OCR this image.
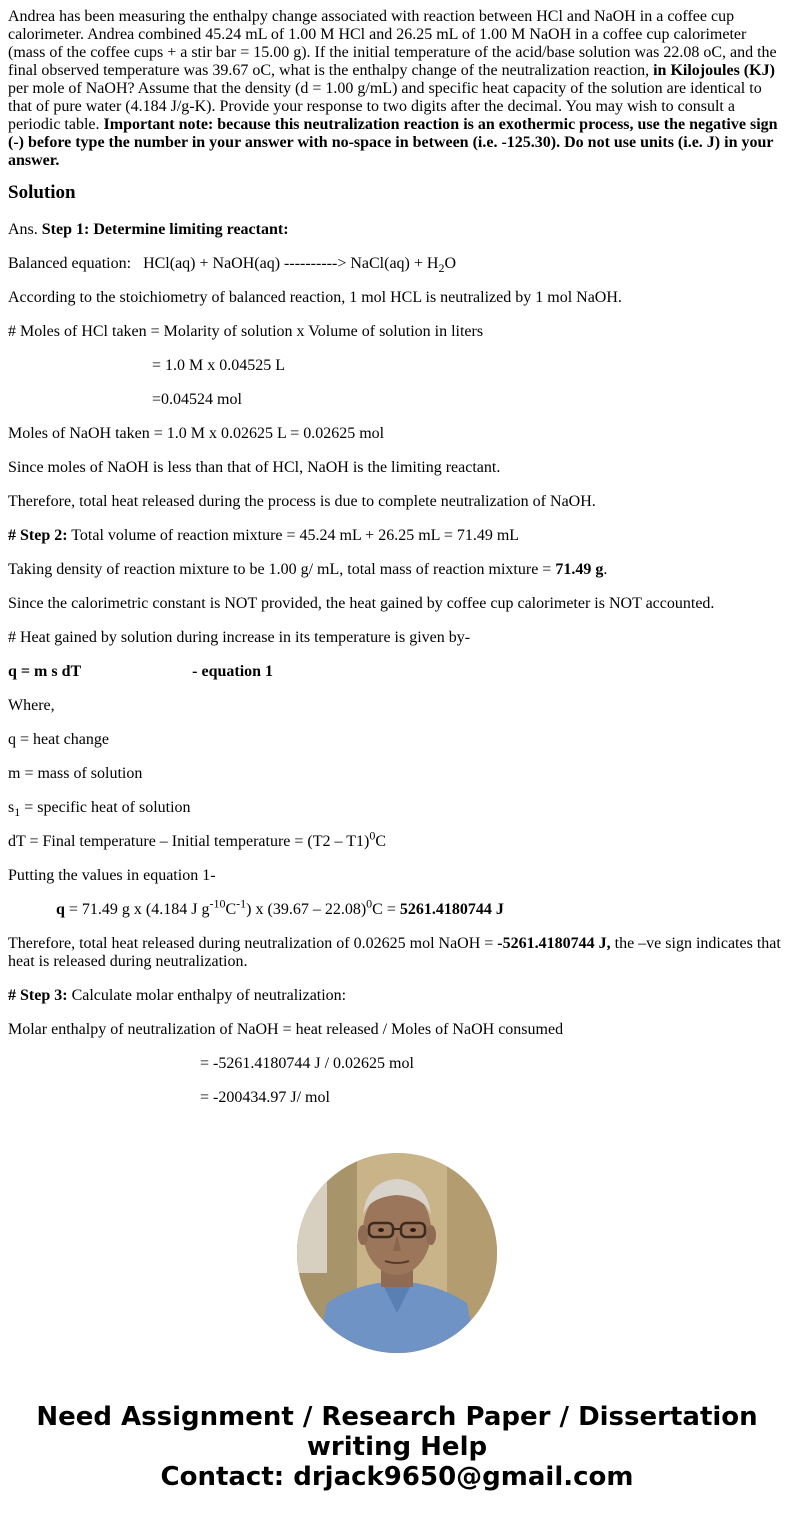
Andrea has been measuring the enthalpy change associated with reaction between HCl and NaOH in a coffee cup calorimeter. Andrea combined 45.24 mL of 1.00 M HCl and 26.25 mL of 1.00 M NaOH in a coffee cup calorimeter (mass of the coffee cups + a stir bar = 15.00 g). If the initial temperature of the acid/base solution was 22.08 oC, and the final observed temperature was 39.67 oC, what is the enthalpy change of the neutralization reaction, in Kilojoules (KJ) per mole of NaOH? Assume that the density (d = 1.00 g/mL) and specific heat capacity of the solution are identical to that of pure water (4.184 J/g-K). Provide your response to two digits after the decimal. You may wish to consult a periodic table. Important note: because this neutralization reaction is an exothermic process, use the negative sign (-) before type the number in your answer with no-space in between (i.e. -125.30). Do not use units (i.e. J) in your answer.

Solution

Ans. Step 1: Determine limiting reactant:

Balanced equation: HCl(aq) + NaOH(aq) ----------> NaCl(aq) + $H_2O$

According to the stoichiometry of balanced reaction, 1 mol HCL is neutralized by 1 mol NaOH.

# Moles of HCl taken = Molarity of solution x Volume of solution in liters

= 1.0 M x 0.04525 L

=0.04524 mol

Moles of NaOH taken = 1.0 M x 0.02625 L = 0.02625 mol

Since moles of NaOH is less than that of HCl, NaOH is the limiting reactant.

Therefore, total heat released during the process is due to complete neutralization of NaOH.

# Step 2: Total volume of reaction mixture = 45.24 mL + 26.25 mL = 71.49 mL

Taking density of reaction mixture to be 1.00 g/ mL, total mass of reaction mixture = 71.49 g.

Since the calorimetric constant is NOT provided, the heat gained by coffee cup calorimeter is NOT accounted.

# Heat gained by solution during increase in its temperature is given by-

q = m s dT	- equation 1

Where,

q = heat change

m = mass of solution

$s_1$ = specific heat of solution

dT = Final temperature – Initial temperature = (T2 – T1)$^0$C

Putting the values in equation 1-

q = 71.49 g x (4.184 J $g^{-10}C^{-1}$) x (39.67 – 22.08)$^0$C = 5261.4180744 J

Therefore, total heat released during neutralization of 0.02625 mol NaOH = -5261.4180744 J, the –ve sign indicates that heat is released during neutralization.

# Step 3: Calculate molar enthalpy of neutralization:

Molar enthalpy of neutralization of NaOH = heat released / Moles of NaOH consumed

= -5261.4180744 J / 0.02625 mol

= -200434.97 J/ mol

Need Assignment / Research Paper / Dissertation
writing Help
Contact: drjack9650@gmail.com
